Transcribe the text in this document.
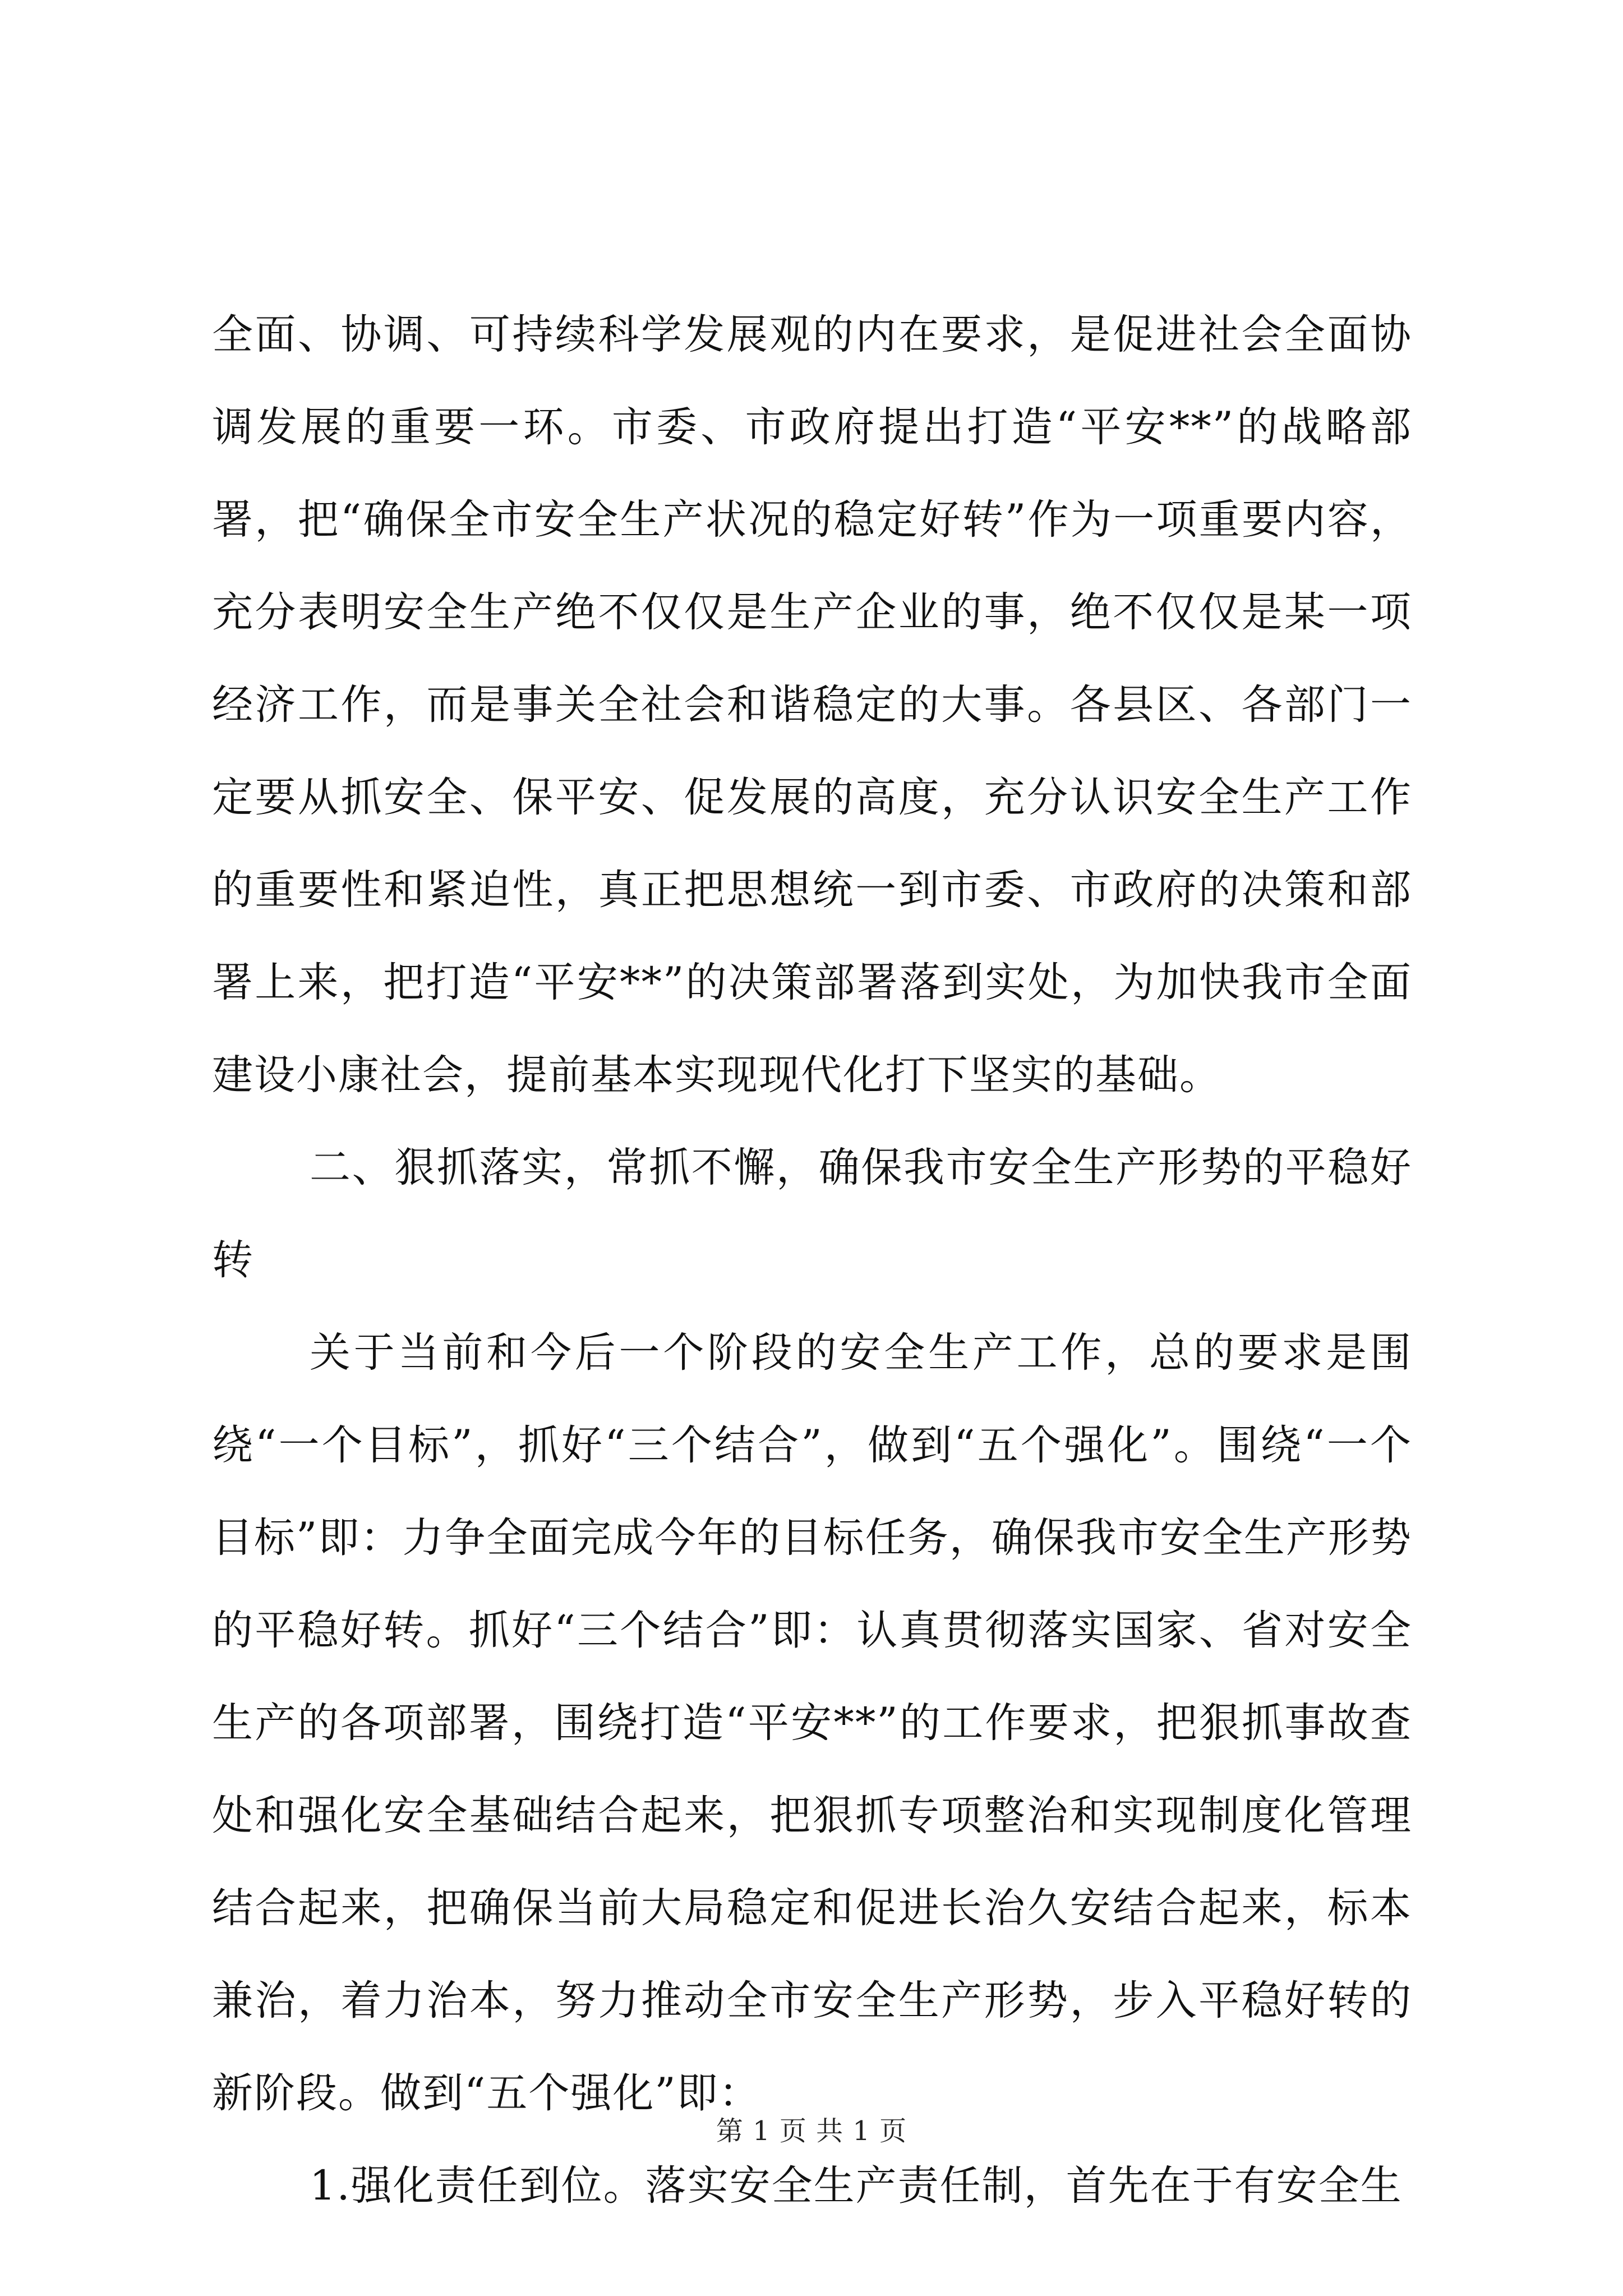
全面、协调、可持续科学发展观的内在要求，是促进社会全面协调发展的重要一环。市委、市政府提出打造“平安**”的战略部署，把“确保全市安全生产状况的稳定好转”作为一项重要内容，充分表明安全生产绝不仅仅是生产企业的事，绝不仅仅是某一项经济工作，而是事关全社会和谐稳定的大事。各县区、各部门一定要从抓安全、保平安、促发展的高度，充分认识安全生产工作的重要性和紧迫性，真正把思想统一到市委、市政府的决策和部署上来，把打造“平安**”的决策部署落到实处，为加快我市全面建设小康社会，提前基本实现现代化打下坚实的基础。

二、狠抓落实，常抓不懈，确保我市安全生产形势的平稳好转

关于当前和今后一个阶段的安全生产工作，总的要求是围绕“一个目标”，抓好“三个结合”，做到“五个强化”。围绕“一个目标”即：力争全面完成今年的目标任务，确保我市安全生产形势的平稳好转。抓好“三个结合”即：认真贯彻落实国家、省对安全生产的各项部署，围绕打造“平安**”的工作要求，把狠抓事故查处和强化安全基础结合起来，把狠抓专项整治和实现制度化管理结合起来，把确保当前大局稳定和促进长治久安结合起来，标本兼治，着力治本，努力推动全市安全生产形势，步入平稳好转的新阶段。做到“五个强化”即：

1.强化责任到位。落实安全生产责任制，首先在于有安全生

第 1 页 共 1 页
